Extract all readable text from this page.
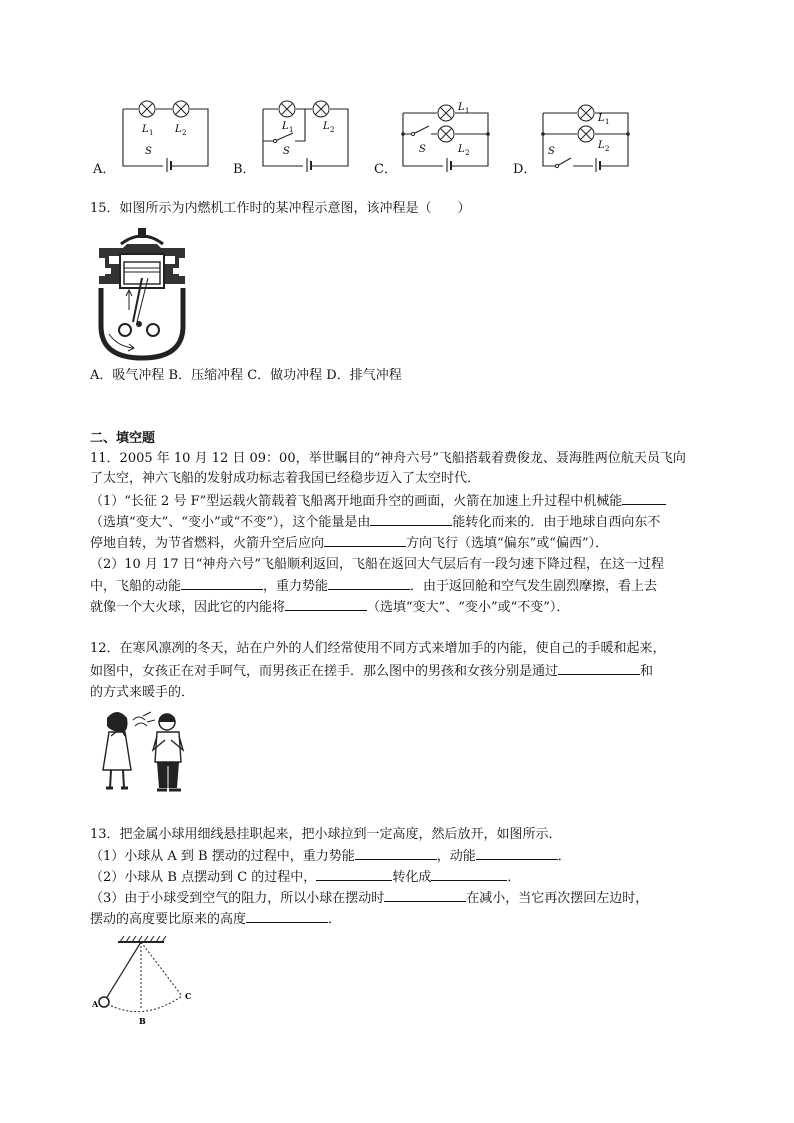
A．	B．	C．	D．
L 1 L 2
S
L 1	L 2
S
L 1
L 2
S
L 1
L 2
S
15．如图所示为内燃机工作时的某冲程示意图，该冲程是（　　）
A．吸气冲程 B．压缩冲程 C．做功冲程 D．排气冲程
二、填空题
11．2005 年 10 月 12 日 09：00，举世瞩目的“神舟六号”飞船搭载着费俊龙、聂海胜两位航天员飞向
了太空，神六飞船的发射成功标志着我国已经稳步迈入了太空时代．
（1）“长征 2 号 F”型运载火箭载着飞船离开地面升空的画面，火箭在加速上升过程中机械能
（选填“变大”、“变小”或“不变”），这个能量是由	能转化而来的．由于地球自西向东不
停地自转，为节省燃料，火箭升空后应向	方向飞行（选填“偏东”或“偏西”）．
（2）10 月 17 日“神舟六号”飞船顺利返回，飞船在返回大气层后有一段匀速下降过程，在这一过程
中，飞船的动能	，重力势能	．由于返回舱和空气发生剧烈摩擦，看上去
就像一个大火球，因此它的内能将	（选填“变大”、“变小”或“不变”）．
12．在寒风凛冽的冬天，站在户外的人们经常使用不同方式来增加手的内能，使自己的手暖和起来，
如图中，女孩正在对手呵气，而男孩正在搓手．那么图中的男孩和女孩分别是通过	和
的方式来暖手的．
13．把金属小球用细线悬挂职起来，把小球拉到一定高度，然后放开，如图所示．
（1）小球从 A 到 B 摆动的过程中，重力势能	，动能	．
（2）小球从 B 点摆动到 C 的过程中，	转化成	．
（3）由于小球受到空气的阻力，所以小球在摆动时	在减小，当它再次摆回左边时，
摆动的高度要比原来的高度	．
A
B
C
